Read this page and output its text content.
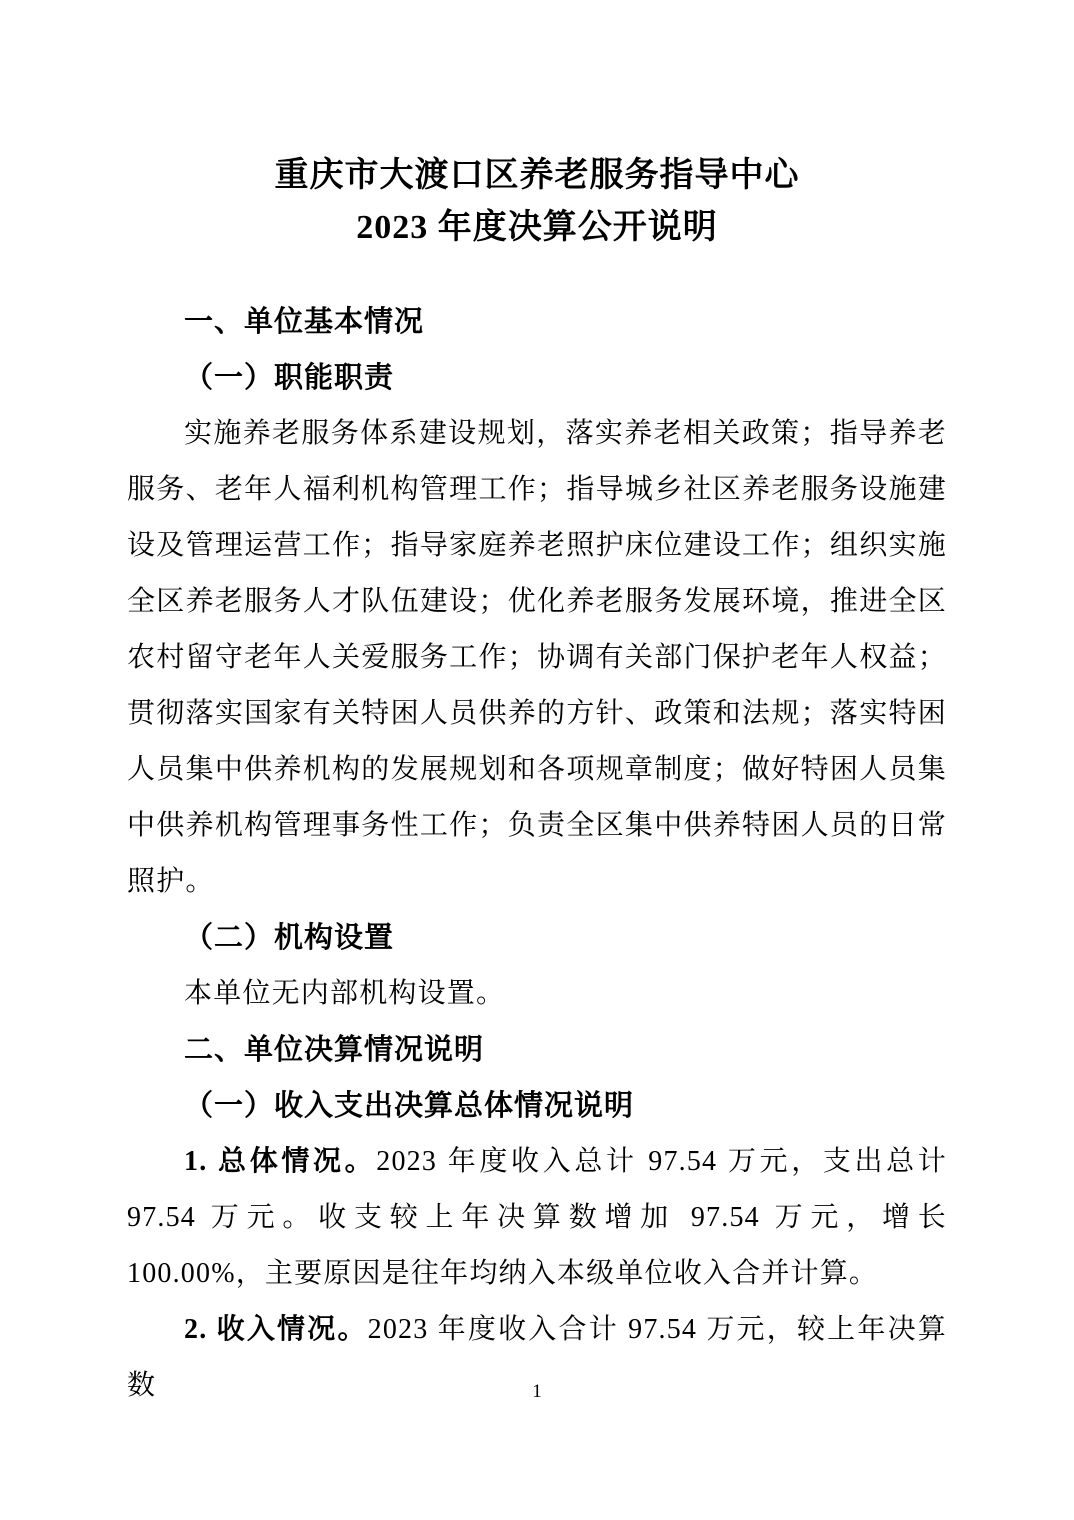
重庆市大渡口区养老服务指导中心
2023 年度决算公开说明
一、单位基本情况
（一）职能职责

实施养老服务体系建设规划，落实养老相关政策；指导养老服务、老年人福利机构管理工作；指导城乡社区养老服务设施建设及管理运营工作；指导家庭养老照护床位建设工作；组织实施全区养老服务人才队伍建设；优化养老服务发展环境，推进全区农村留守老年人关爱服务工作；协调有关部门保护老年人权益；贯彻落实国家有关特困人员供养的方针、政策和法规；落实特困人员集中供养机构的发展规划和各项规章制度；做好特困人员集中供养机构管理事务性工作；负责全区集中供养特困人员的日常照护。

（二）机构设置

本单位无内部机构设置。

二、单位决算情况说明
（一）收入支出决算总体情况说明

1. 总体情况。2023 年度收入总计 97.54 万元，支出总计 97.54 万元。收支较上年决算数增加 97.54 万元，增长 100.00%，主要原因是往年均纳入本级单位收入合并计算。

2. 收入情况。2023 年度收入合计 97.54 万元，较上年决算数	1
